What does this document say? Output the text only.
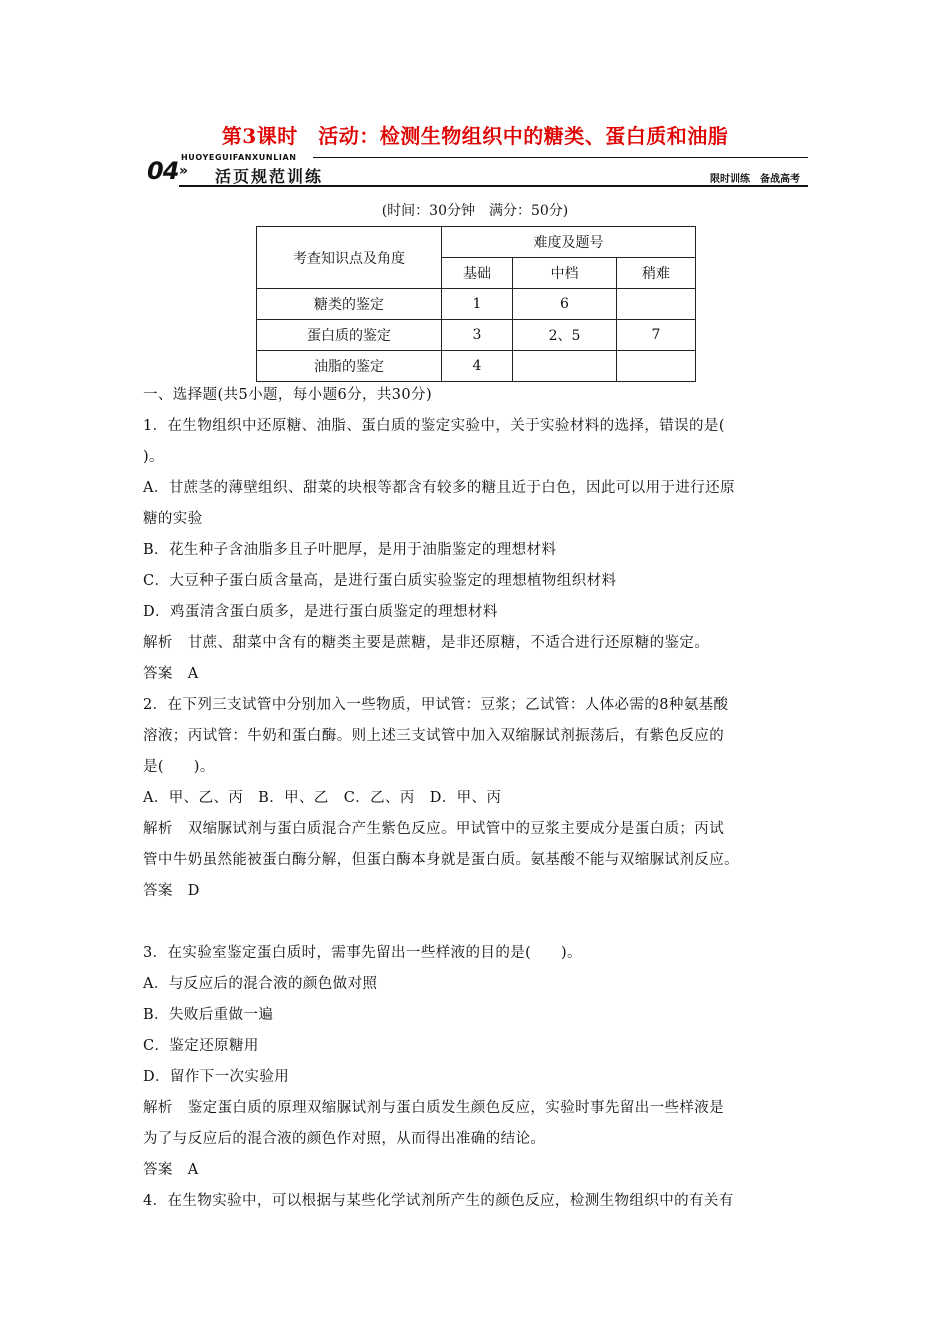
第3课时　活动：检测生物组织中的糖类、蛋白质和油脂
04 »
HUOYEGUIFANXUNLIAN
活页规范训练	限时训练　备战高考
(时间：30分钟　满分：50分)
考查知识点及角度	难度及题号		
	基础	中档	稍难
糖类的鉴定	1	6	
蛋白质的鉴定	3	2、5	7
油脂的鉴定	4		
一、选择题(共5小题，每小题6分，共30分)
1．在生物组织中还原糖、油脂、蛋白质的鉴定实验中，关于实验材料的选择，错误的是(
)。
A．甘蔗茎的薄壁组织、甜菜的块根等都含有较多的糖且近于白色，因此可以用于进行还原
糖的实验
B．花生种子含油脂多且子叶肥厚，是用于油脂鉴定的理想材料
C．大豆种子蛋白质含量高，是进行蛋白质实验鉴定的理想植物组织材料
D．鸡蛋清含蛋白质多，是进行蛋白质鉴定的理想材料
解析　甘蔗、甜菜中含有的糖类主要是蔗糖，是非还原糖，不适合进行还原糖的鉴定。
答案　A
2．在下列三支试管中分别加入一些物质，甲试管：豆浆；乙试管：人体必需的8种氨基酸
溶液；丙试管：牛奶和蛋白酶。则上述三支试管中加入双缩脲试剂振荡后，有紫色反应的
是(　　)。
A．甲、乙、丙　B．甲、乙　C．乙、丙　D．甲、丙
解析　双缩脲试剂与蛋白质混合产生紫色反应。甲试管中的豆浆主要成分是蛋白质；丙试
管中牛奶虽然能被蛋白酶分解，但蛋白酶本身就是蛋白质。氨基酸不能与双缩脲试剂反应。
答案　D
3．在实验室鉴定蛋白质时，需事先留出一些样液的目的是(　　)。
A．与反应后的混合液的颜色做对照
B．失败后重做一遍
C．鉴定还原糖用
D．留作下一次实验用
解析　鉴定蛋白质的原理双缩脲试剂与蛋白质发生颜色反应，实验时事先留出一些样液是
为了与反应后的混合液的颜色作对照，从而得出准确的结论。
答案　A
4．在生物实验中，可以根据与某些化学试剂所产生的颜色反应，检测生物组织中的有关有
